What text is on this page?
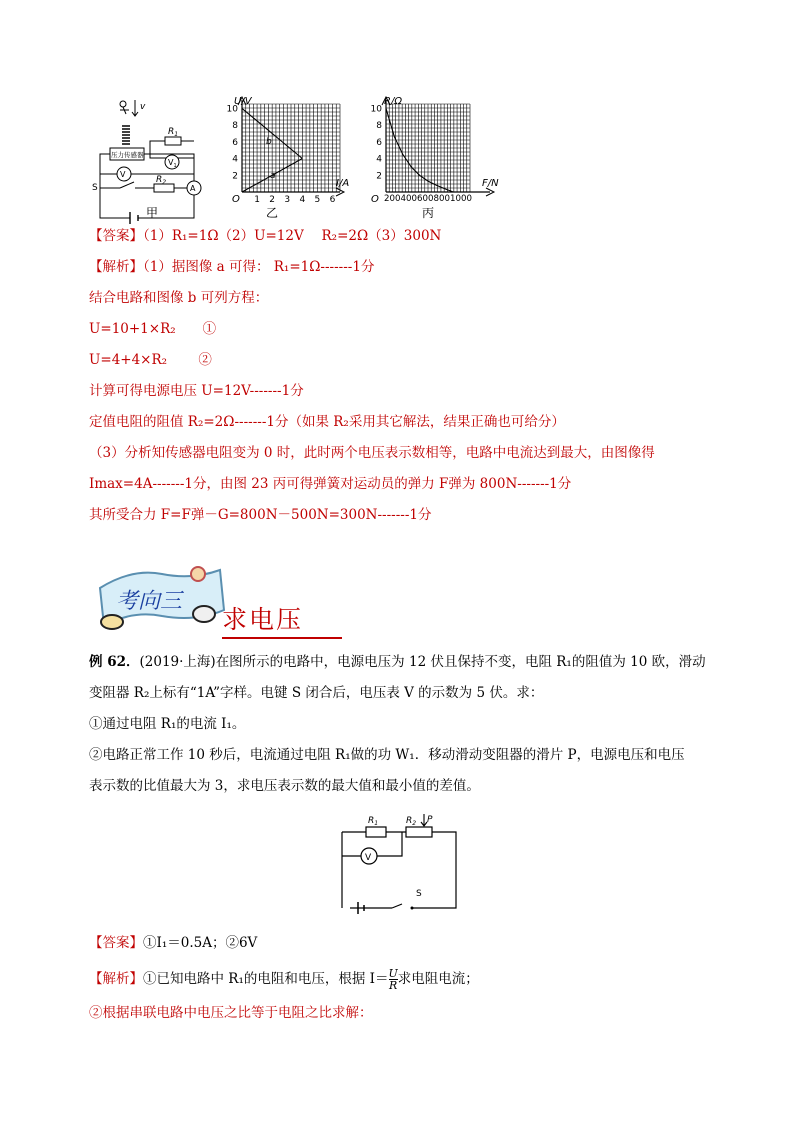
v
压力传感器
$R_1$
$V_1$
V
$R_2$
A
S
甲
U/V
I/A
O
10
8
6
4
2
1 2 3 4 5 6
a
b
乙
R/Ω
F/N
O
10
8
6
4
2
2004006008001000
丙
【答案】（1）R₁=1Ω（2）U=12V　 R₂=2Ω（3）300N
【解析】（1）据图像 a 可得： R₁=1Ω-------1分
结合电路和图像 b 可列方程：
U=10+1×R₂　　①
U=4+4×R₂　　 ②
计算可得电源电压 U=12V-------1分
定值电阻的阻值 R₂=2Ω-------1分（如果 R₂采用其它解法，结果正确也可给分）
（3）分析知传感器电阻变为 0 时，此时两个电压表示数相等，电路中电流达到最大，由图像得
Imax=4A-------1分，由图 23 丙可得弹簧对运动员的弹力 F弹为 800N-------1分
其所受合力 F=F弹－G=800N－500N=300N-------1分
考向三
求电压
例 62．(2019·上海)在图所示的电路中，电源电压为 12 伏且保持不变，电阻 R₁的阻值为 10 欧，滑动
变阻器 R₂上标有“1A”字样。电键 S 闭合后，电压表 V 的示数为 5 伏。求：
①通过电阻 R₁的电流 I₁。
②电路正常工作 10 秒后，电流通过电阻 R₁做的功 W₁．移动滑动变阻器的滑片 P，电源电压和电压
表示数的比值最大为 3，求电压表示数的最大值和最小值的差值。
$R_1$	$R_2$ P
V
S
【答案】①I₁＝0.5A；②6V
【解析】①已知电路中 R₁的电阻和电压，根据 $I= \frac{U}{R}$ 求电阻电流；
②根据串联电路中电压之比等于电阻之比求解：
